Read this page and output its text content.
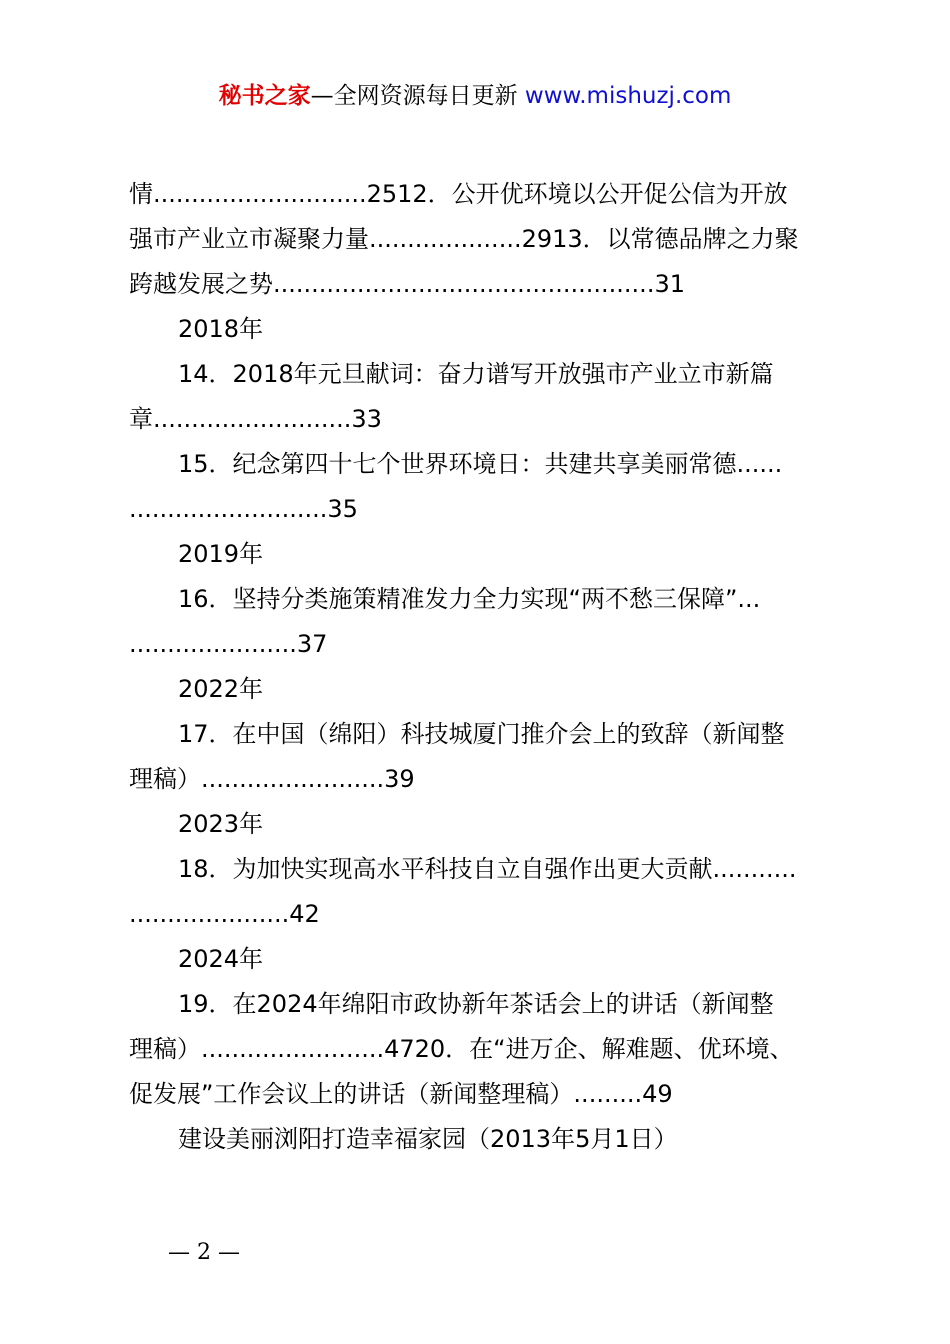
秘书之家—全网资源每日更新 www.mishuzj.com
情............................2512．公开优环境以公开促公信为开放
强市产业立市凝聚力量....................2913．以常德品牌之力聚
跨越发展之势..................................................31
2018年
14．2018年元旦献词：奋力谱写开放强市产业立市新篇
章..........................33
15．纪念第四十七个世界环境日：共建共享美丽常德......
..........................35
2019年
16．坚持分类施策精准发力全力实现“两不愁三保障”...
......................37
2022年
17．在中国（绵阳）科技城厦门推介会上的致辞（新闻整
理稿）........................39
2023年
18．为加快实现高水平科技自立自强作出更大贡献...........
.....................42
2024年
19．在2024年绵阳市政协新年茶话会上的讲话（新闻整
理稿）........................4720．在“进万企、解难题、优环境、
促发展”工作会议上的讲话（新闻整理稿）.........49
建设美丽浏阳打造幸福家园（2013年5月1日）
— 2 —
